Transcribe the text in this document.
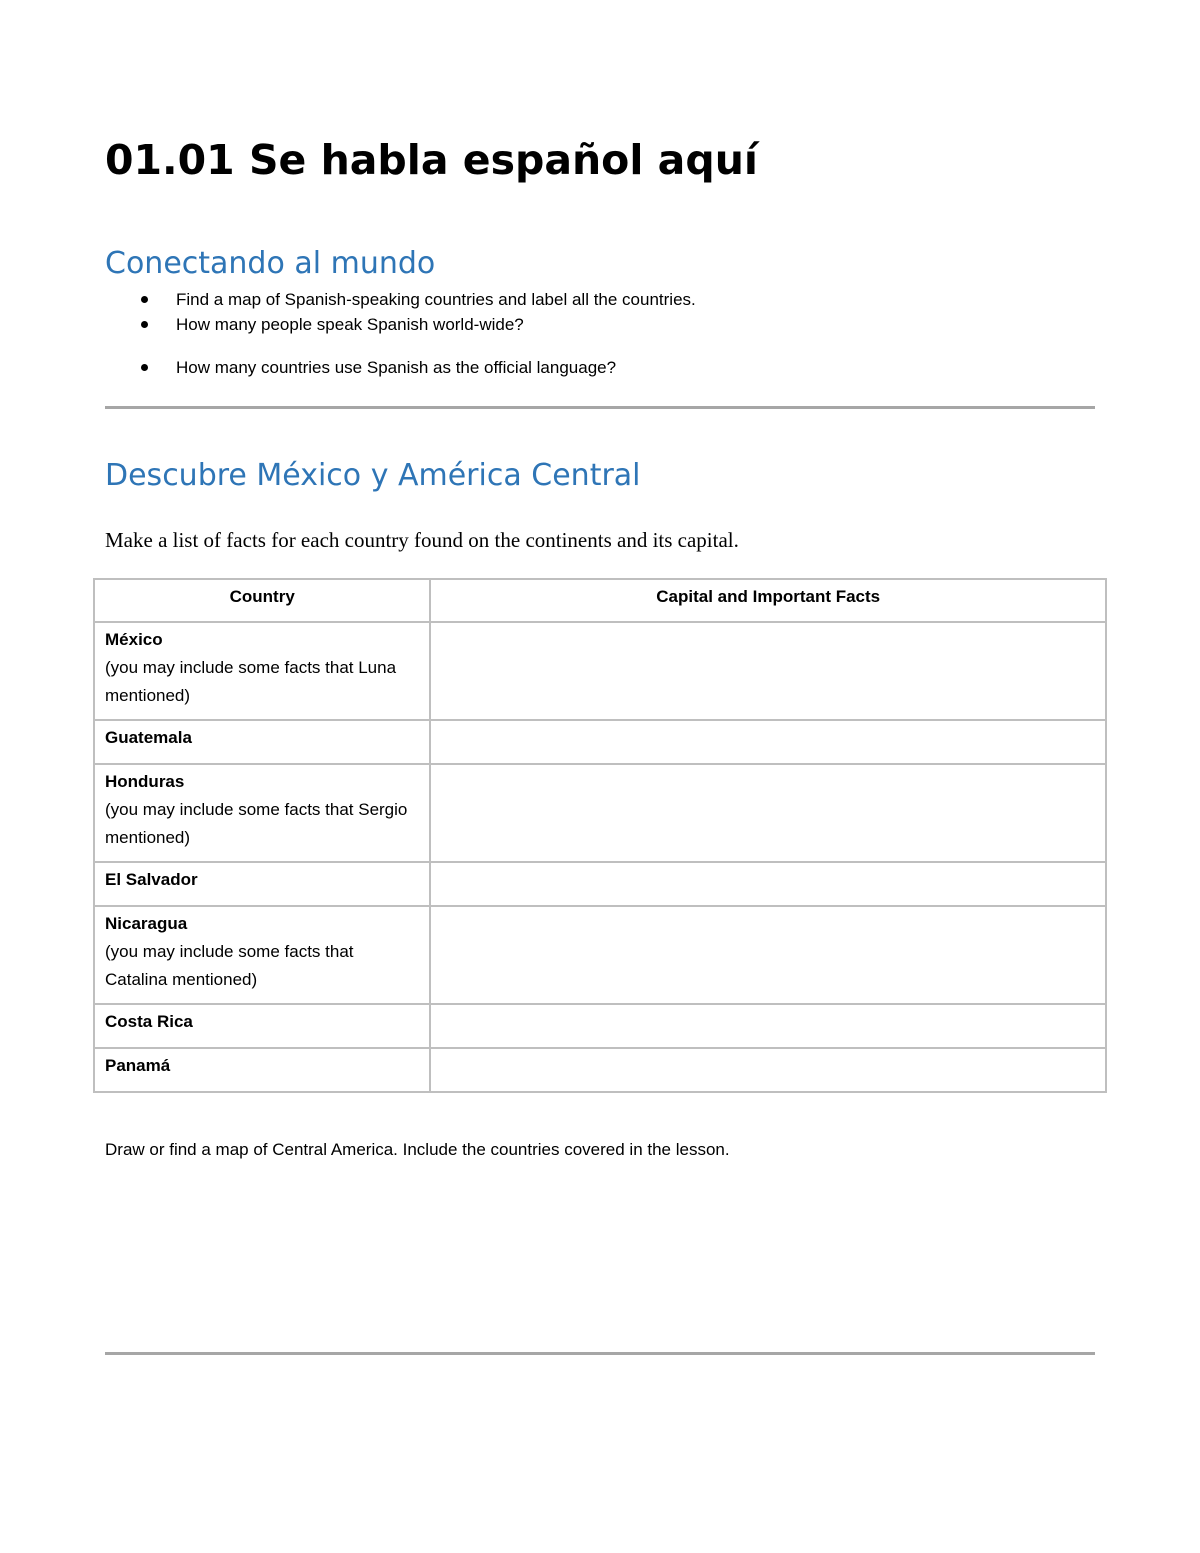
01.01 Se habla español aquí
Conectando al mundo
Find a map of Spanish-speaking countries and label all the countries.
How many people speak Spanish world-wide?
How many countries use Spanish as the official language?
Descubre México y América Central

Make a list of facts for each country found on the continents and its capital.

Country	Capital and Important Facts

México
(you may include some facts that Luna mentioned)	

Guatemala	

Honduras
(you may include some facts that Sergio mentioned)	

El Salvador	

Nicaragua
(you may include some facts that Catalina mentioned)	

Costa Rica	

Panamá	

Draw or find a map of Central America. Include the countries covered in the lesson.
